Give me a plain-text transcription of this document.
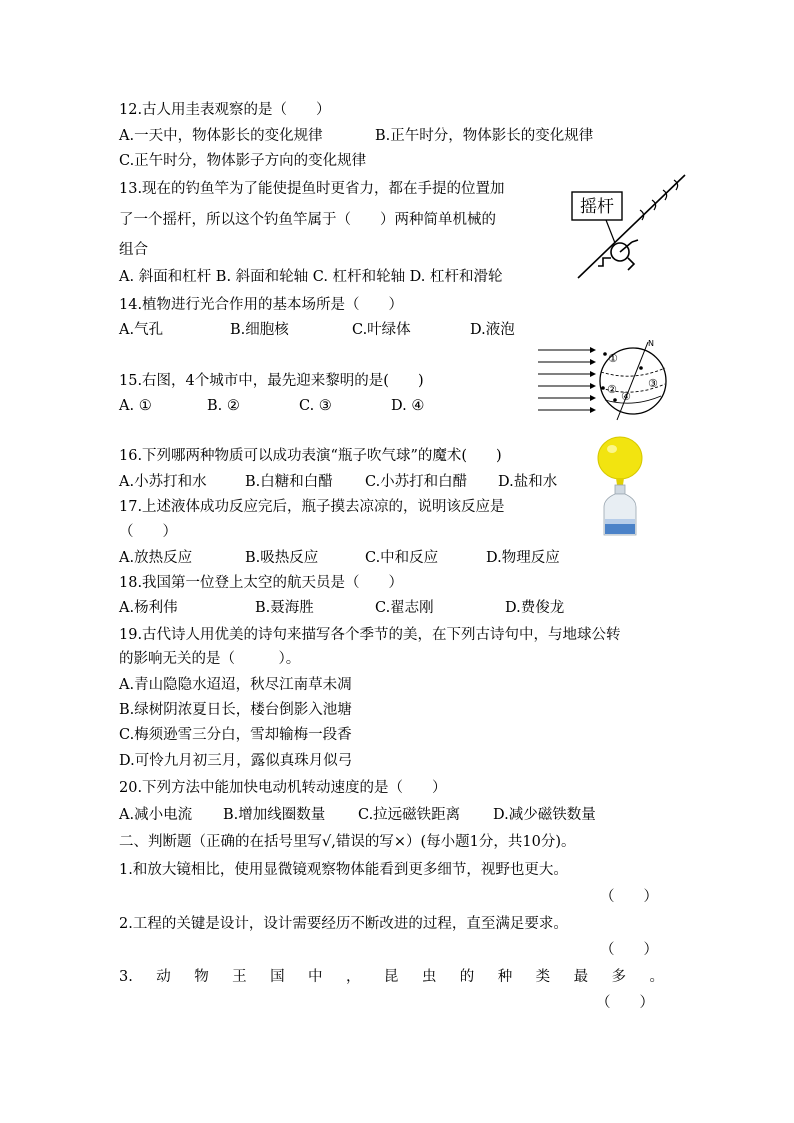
12.古人用圭表观察的是（　　）
A.一天中，物体影长的变化规律	B.正午时分，物体影长的变化规律
C.正午时分，物体影子方向的变化规律
13.现在的钓鱼竿为了能使提鱼时更省力，都在手提的位置加
了一个摇杆，所以这个钓鱼竿属于（　　）两种简单机械的
组合
A. 斜面和杠杆 B. 斜面和轮轴 C. 杠杆和轮轴 D. 杠杆和滑轮
摇杆
14.植物进行光合作用的基本场所是（　　）
A.气孔	B.细胞核	C.叶绿体	D.液泡
15.右图，4个城市中，最先迎来黎明的是(　　)
A. ①	B. ②	C. ③	D. ④
N
①
②	③
④
16.下列哪两种物质可以成功表演“瓶子吹气球”的魔术(　　)
A.小苏打和水	B.白糖和白醋 C.小苏打和白醋 D.盐和水
17.上述液体成功反应完后，瓶子摸去凉凉的，说明该反应是
（　　）
A.放热反应	B.吸热反应	C.中和反应	D.物理反应
18.我国第一位登上太空的航天员是（　　）
A.杨利伟	B.聂海胜	C.翟志刚	D.费俊龙
19.古代诗人用优美的诗句来描写各个季节的美，在下列古诗句中，与地球公转
的影响无关的是（　　　）。
A.青山隐隐水迢迢，秋尽江南草未凋
B.绿树阴浓夏日长，楼台倒影入池塘
C.梅须逊雪三分白，雪却输梅一段香
D.可怜九月初三月，露似真珠月似弓
20.下列方法中能加快电动机转动速度的是（　　）
A.减小电流 B.增加线圈数量 C.拉远磁铁距离 D.减少磁铁数量
二、判断题（正确的在括号里写√,错误的写×）(每小题1分，共10分)。
1.和放大镜相比，使用显微镜观察物体能看到更多细节，视野也更大。
（　　）
2.工程的关键是设计，设计需要经历不断改进的过程，直至满足要求。
（　　）
3. 动 物 王 国 中 ， 昆 虫 的 种 类 最 多 。
（　　）
